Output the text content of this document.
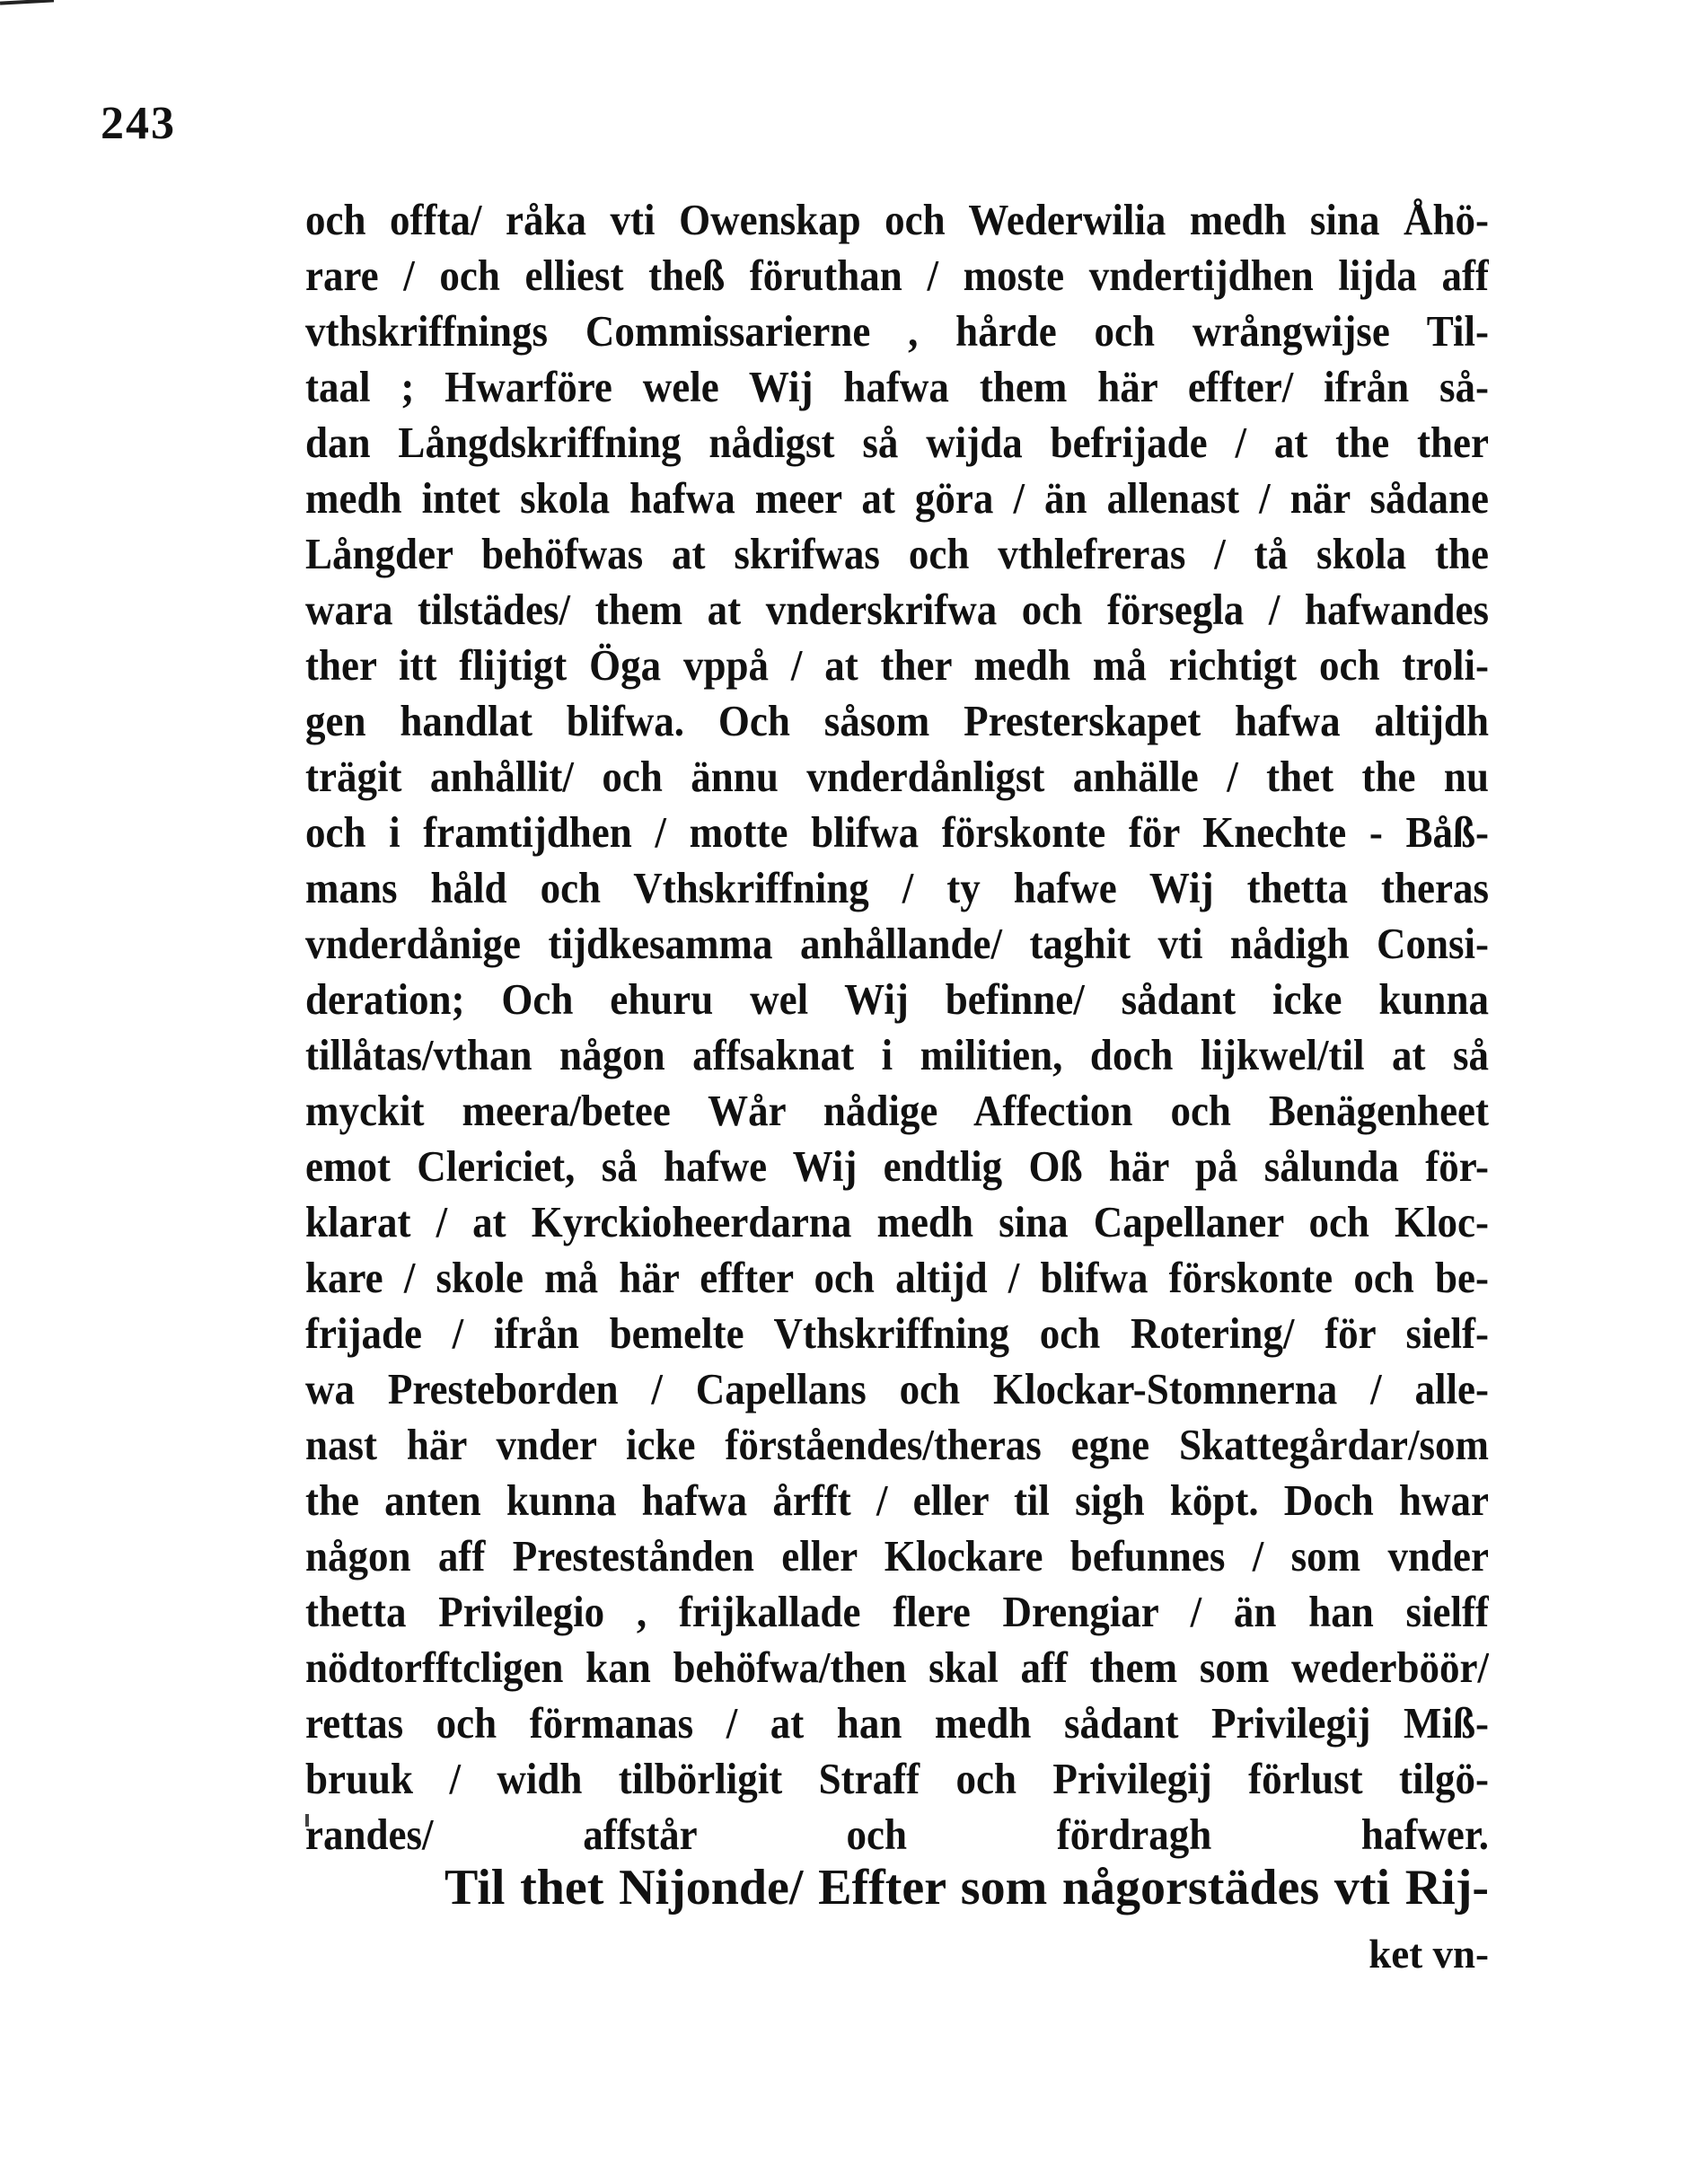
243
och offta/ råka vti Owenskap och Wederwilia medh sina Åhö-
rare / och elliest theß föruthan / moste vndertijdhen lijda aff
vthskriffnings Commissarierne , hårde och wrångwijse Til-
taal ; Hwarföre wele Wij hafwa them här effter/ ifrån så-
dan Långdskriffning nådigst så wijda befrijade / at the ther
medh intet skola hafwa meer at göra / än allenast / när sådane
Långder behöfwas at skrifwas och vthlefreras / tå skola the
wara tilstädes/ them at vnderskrifwa och försegla / hafwandes
ther itt flijtigt Öga vppå / at ther medh må richtigt och troli-
gen handlat blifwa. Och såsom Presterskapet hafwa altijdh
trägit anhållit/ och ännu vnderdånligst anhälle / thet the nu
och i framtijdhen / motte blifwa förskonte för Knechte - Båß-
mans håld och Vthskriffning / ty hafwe Wij thetta theras
vnderdånige tijdkesamma anhållande/ taghit vti nådigh Consi-
deration; Och ehuru wel Wij befinne/ sådant icke kunna
tillåtas/vthan någon affsaknat i militien, doch lijkwel/til at så
myckit meera/betee Wår nådige Affection och Benägenheet
emot Clericiet, så hafwe Wij endtlig Oß här på sålunda för-
klarat / at Kyrckioheerdarna medh sina Capellaner och Kloc-
kare / skole må här effter och altijd / blifwa förskonte och be-
frijade / ifrån bemelte Vthskriffning och Rotering/ för sielf-
wa Presteborden / Capellans och Klockar-Stomnerna / alle-
nast här vnder icke förståendes/theras egne Skattegårdar/som
the anten kunna hafwa årfft / eller til sigh köpt. Doch hwar
någon aff Prestestånden eller Klockare befunnes / som vnder
thetta Privilegio , frijkallade flere Drengiar / än han sielff
nödtorfftcligen kan behöfwa/then skal aff them som wederböör/
rettas och förmanas / at han medh sådant Privilegij Miß-
bruuk / widh tilbörligit Straff och Privilegij förlust tilgö-
randes/ affstår och fördragh hafwer.
Til thet Nijonde/ Effter som någorstädes vti Rij-
ket vn-
